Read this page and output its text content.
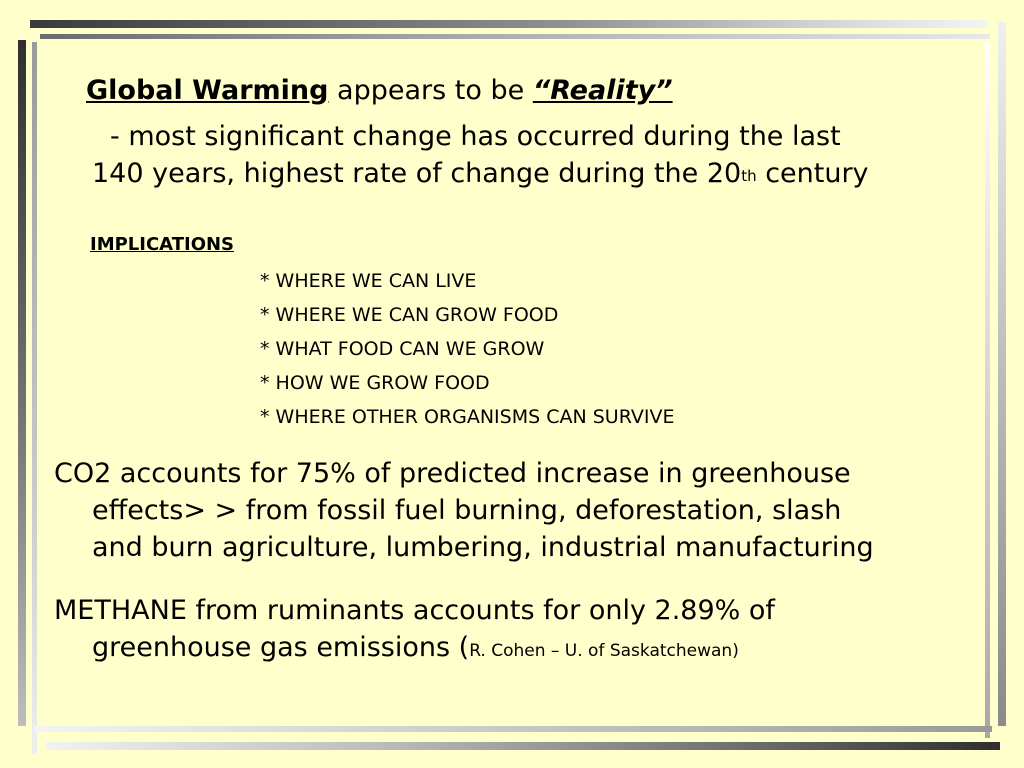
Global Warming appears to be “Reality”
- most significant change has occurred during the last
140 years, highest rate of change during the 20th century
IMPLICATIONS
* WHERE WE CAN LIVE
* WHERE WE CAN GROW FOOD
* WHAT FOOD CAN WE GROW
* HOW WE GROW FOOD
* WHERE OTHER ORGANISMS CAN SURVIVE
CO2 accounts for 75% of predicted increase in greenhouse
effects> > from fossil fuel burning, deforestation, slash
and burn agriculture, lumbering, industrial manufacturing
METHANE from ruminants accounts for only 2.89% of
greenhouse gas emissions (R. Cohen – U. of Saskatchewan)
